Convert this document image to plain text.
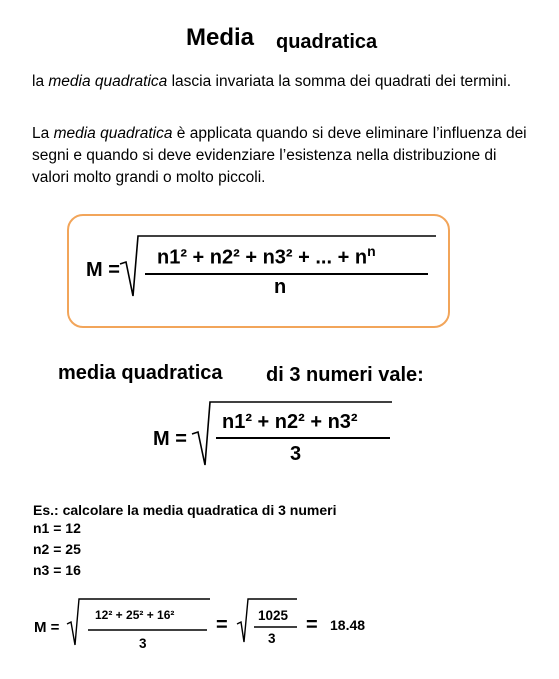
Media quadratica
la media quadratica lascia invariata la somma dei quadrati dei termini.
La media quadratica è applicata quando si deve eliminare l’influenza dei segni e quando si deve evidenziare l’esistenza nella distribuzione di valori molto grandi o molto piccoli.
M =
n1² + n2² + n3² + ... + $n^n$
n
media quadratica di 3 numeri vale:
M =
n1² + n2² + n3²
3
Es.: calcolare la media quadratica di 3 numeri
n1 = 12
n2 = 25
n3 = 16
M =
12² + 25² + 16²
3
= 1025
3
= 18.48
